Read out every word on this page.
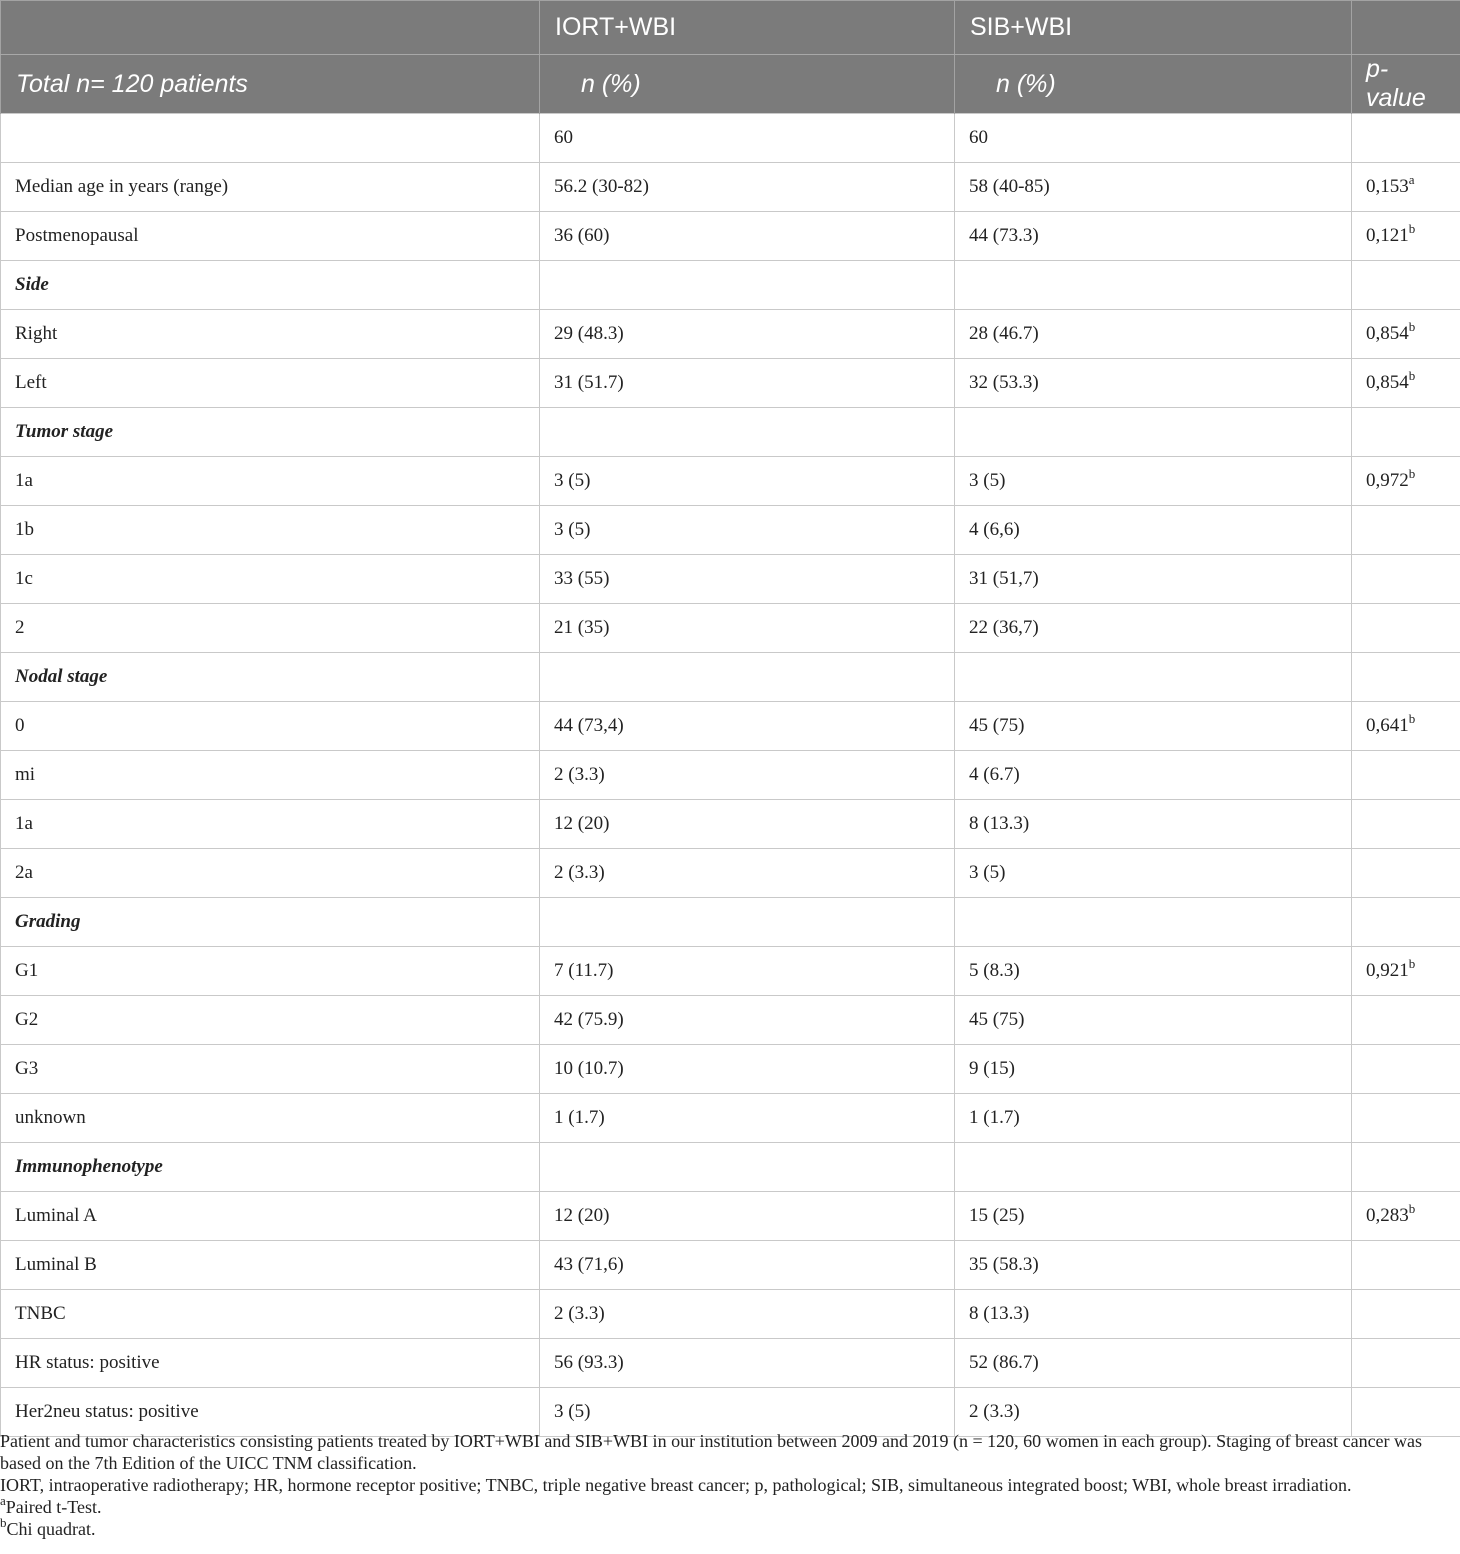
	IORT+WBI	SIB+WBI	
Total n= 120 patients	n (%)	n (%)	p-value
	60	60	
Median age in years (range)	56.2 (30-82)	58 (40-85)	0,153$^a$
Postmenopausal	36 (60)	44 (73.3)	0,121$^b$
Side			
Right	29 (48.3)	28 (46.7)	0,854$^b$
Left	31 (51.7)	32 (53.3)	0,854$^b$
Tumor stage			
1a	3 (5)	3 (5)	0,972$^b$
1b	3 (5)	4 (6,6)	
1c	33 (55)	31 (51,7)	
2	21 (35)	22 (36,7)	
Nodal stage			
0	44 (73,4)	45 (75)	0,641$^b$
mi	2 (3.3)	4 (6.7)	
1a	12 (20)	8 (13.3)	
2a	2 (3.3)	3 (5)	
Grading			
G1	7 (11.7)	5 (8.3)	0,921$^b$
G2	42 (75.9)	45 (75)	
G3	10 (10.7)	9 (15)	
unknown	1 (1.7)	1 (1.7)	
Immunophenotype			
Luminal A	12 (20)	15 (25)	0,283$^b$
Luminal B	43 (71,6)	35 (58.3)	
TNBC	2 (3.3)	8 (13.3)	
HR status: positive	56 (93.3)	52 (86.7)	
Her2neu status: positive	3 (5)	2 (3.3)	

Patient and tumor characteristics consisting patients treated by IORT+WBI and SIB+WBI in our institution between 2009 and 2019 (n = 120, 60 women in each group). Staging of breast cancer was based on the 7th Edition of the UICC TNM classification.

IORT, intraoperative radiotherapy; HR, hormone receptor positive; TNBC, triple negative breast cancer; p, pathological; SIB, simultaneous integrated boost; WBI, whole breast irradiation.

$^a$Paired t-Test.

$^b$Chi quadrat.
